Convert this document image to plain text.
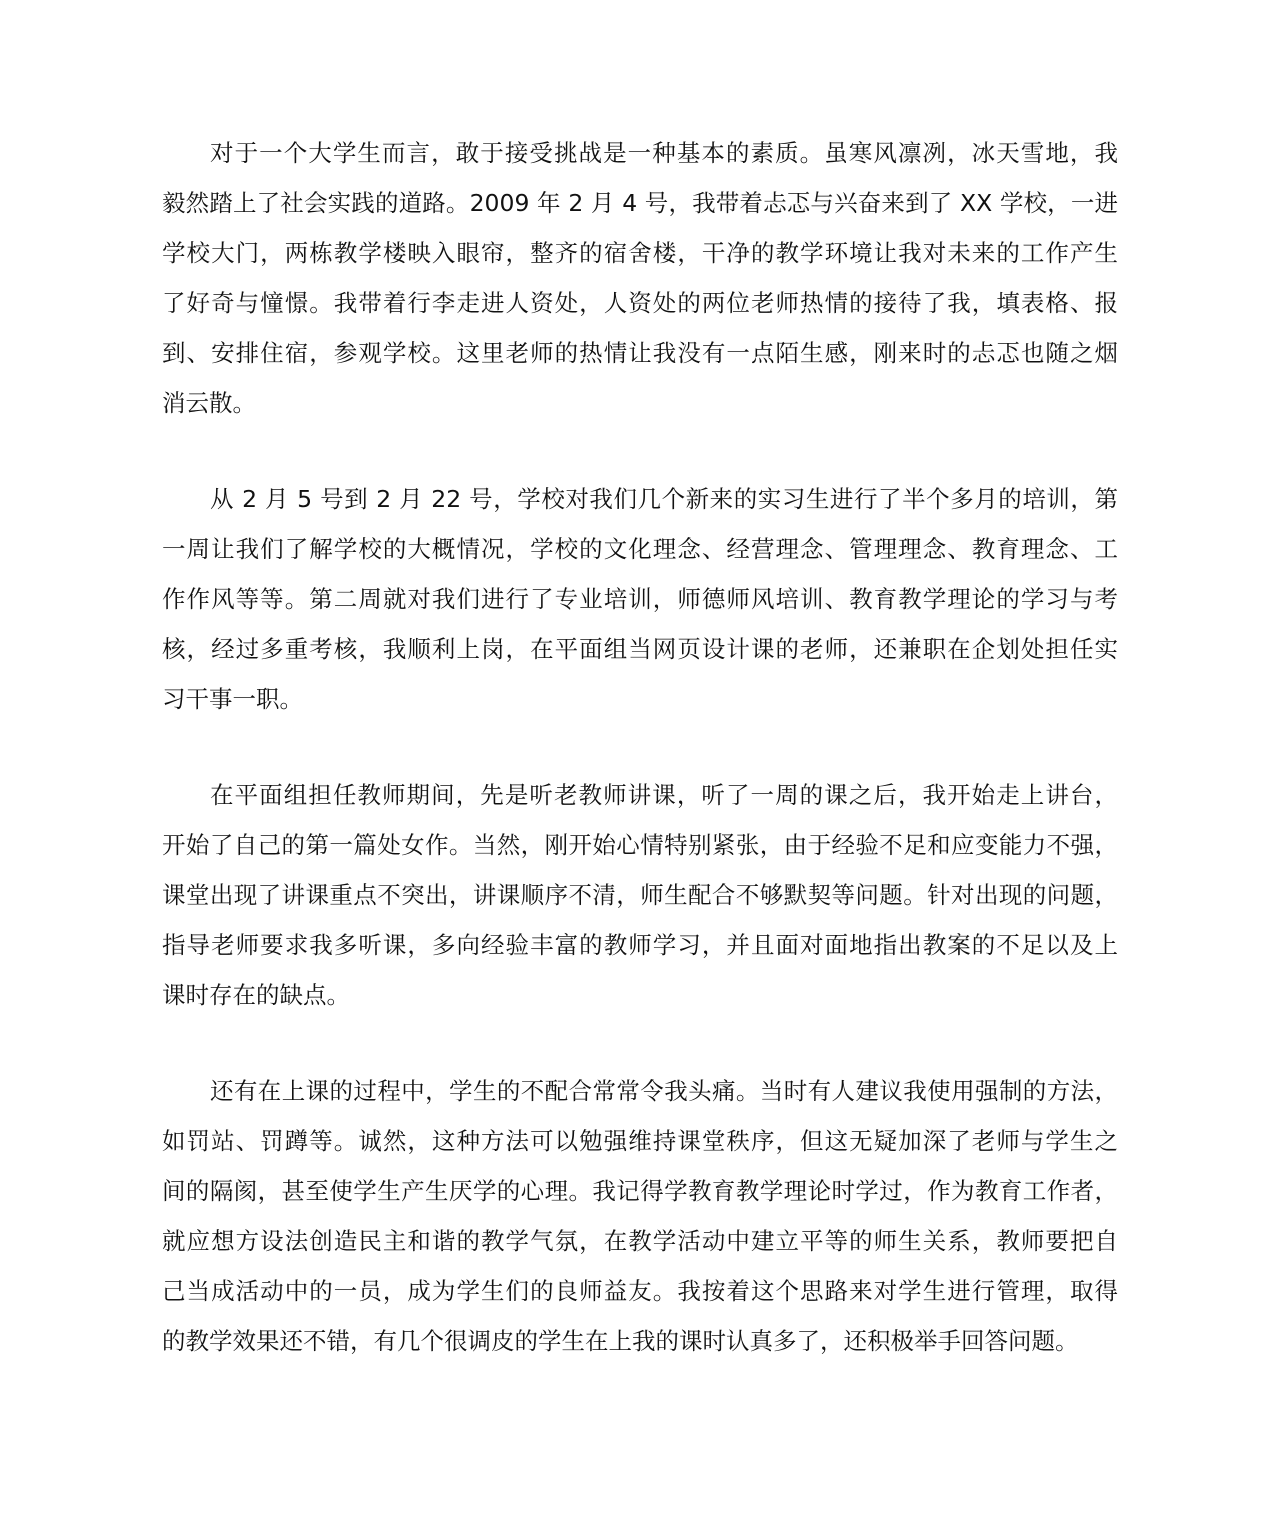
对于一个大学生而言，敢于接受挑战是一种基本的素质。虽寒风凛冽，冰天雪地，我
毅然踏上了社会实践的道路。2009 年 2 月 4 号，我带着忐忑与兴奋来到了 XX 学校，一进
学校大门，两栋教学楼映入眼帘，整齐的宿舍楼，干净的教学环境让我对未来的工作产生
了好奇与憧憬。我带着行李走进人资处，人资处的两位老师热情的接待了我，填表格、报
到、安排住宿，参观学校。这里老师的热情让我没有一点陌生感，刚来时的忐忑也随之烟
消云散。
从 2 月 5 号到 2 月 22 号，学校对我们几个新来的实习生进行了半个多月的培训，第
一周让我们了解学校的大概情况，学校的文化理念、经营理念、管理理念、教育理念、工
作作风等等。第二周就对我们进行了专业培训，师德师风培训、教育教学理论的学习与考
核，经过多重考核，我顺利上岗，在平面组当网页设计课的老师，还兼职在企划处担任实
习干事一职。
在平面组担任教师期间，先是听老教师讲课，听了一周的课之后，我开始走上讲台，
开始了自己的第一篇处女作。当然，刚开始心情特别紧张，由于经验不足和应变能力不强，
课堂出现了讲课重点不突出，讲课顺序不清，师生配合不够默契等问题。针对出现的问题，
指导老师要求我多听课，多向经验丰富的教师学习，并且面对面地指出教案的不足以及上
课时存在的缺点。
还有在上课的过程中，学生的不配合常常令我头痛。当时有人建议我使用强制的方法，
如罚站、罚蹲等。诚然，这种方法可以勉强维持课堂秩序，但这无疑加深了老师与学生之
间的隔阂，甚至使学生产生厌学的心理。我记得学教育教学理论时学过，作为教育工作者，
就应想方设法创造民主和谐的教学气氛，在教学活动中建立平等的师生关系，教师要把自
己当成活动中的一员，成为学生们的良师益友。我按着这个思路来对学生进行管理，取得
的教学效果还不错，有几个很调皮的学生在上我的课时认真多了，还积极举手回答问题。
